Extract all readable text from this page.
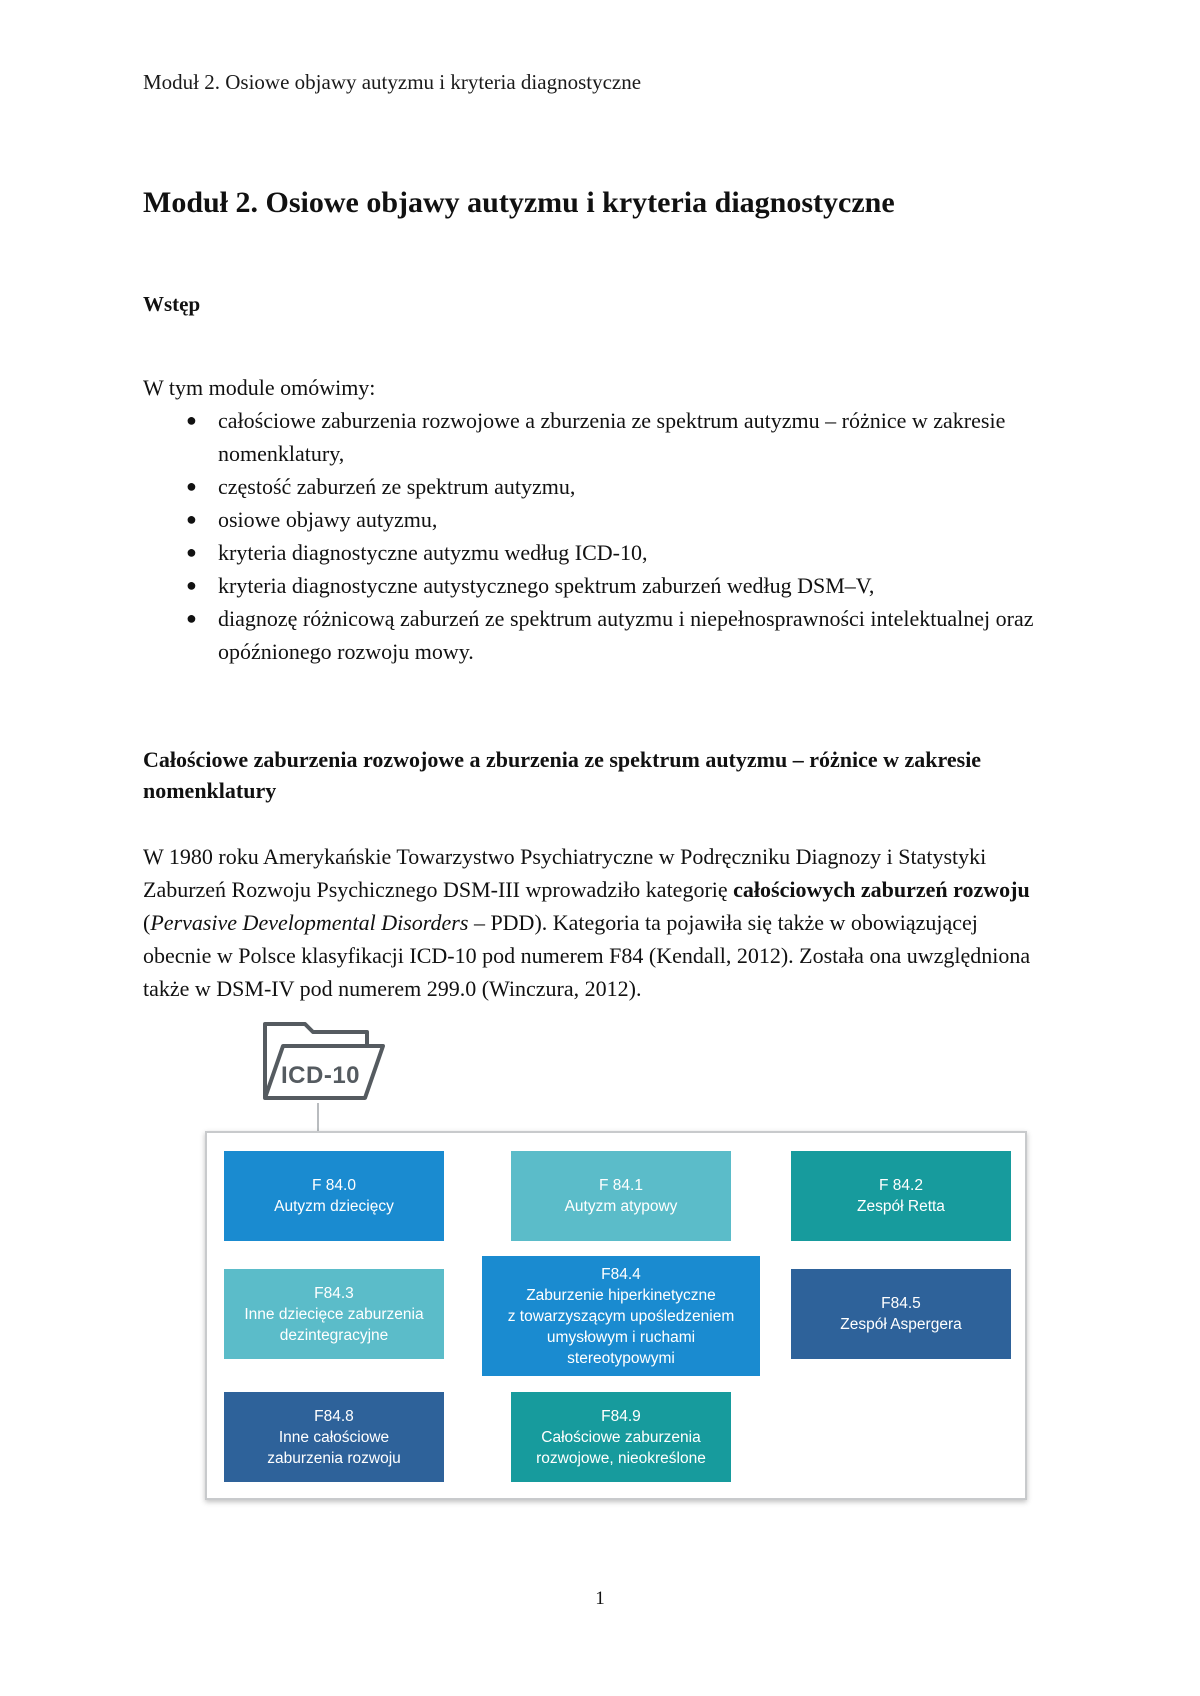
Moduł 2. Osiowe objawy autyzmu i kryteria diagnostyczne
Moduł 2. Osiowe objawy autyzmu i kryteria diagnostyczne
Wstęp

W tym module omówimy:

● całościowe zaburzenia rozwojowe a zburzenia ze spektrum autyzmu – różnice w zakresie nomenklatury,
● częstość zaburzeń ze spektrum autyzmu,
● osiowe objawy autyzmu,
● kryteria diagnostyczne autyzmu według ICD-10,
● kryteria diagnostyczne autystycznego spektrum zaburzeń według DSM–V,
● diagnozę różnicową zaburzeń ze spektrum autyzmu i niepełnosprawności intelektualnej oraz opóźnionego rozwoju mowy.
Całościowe zaburzenia rozwojowe a zburzenia ze spektrum autyzmu – różnice w zakresie nomenklatury

W 1980 roku Amerykańskie Towarzystwo Psychiatryczne w Podręczniku Diagnozy i Statystyki Zaburzeń Rozwoju Psychicznego DSM-III wprowadziło kategorię całościowych zaburzeń rozwoju (Pervasive Developmental Disorders – PDD). Kategoria ta pojawiła się także w obowiązującej obecnie w Polsce klasyfikacji ICD-10 pod numerem F84 (Kendall, 2012). Została ona uwzględniona także w DSM-IV pod numerem 299.0 (Winczura, 2012).

ICD-10
F 84.0
Autyzm dziecięcy
F 84.1
Autyzm atypowy
F 84.2
Zespół Retta
F84.3
Inne dziecięce zaburzenia
dezintegracyjne
F84.4
Zaburzenie hiperkinetyczne
z towarzyszącym upośledzeniem
umysłowym i ruchami
stereotypowymi
F84.5
Zespół Aspergera
F84.8
Inne całościowe
zaburzenia rozwoju
F84.9
Całościowe zaburzenia
rozwojowe, nieokreślone
1
